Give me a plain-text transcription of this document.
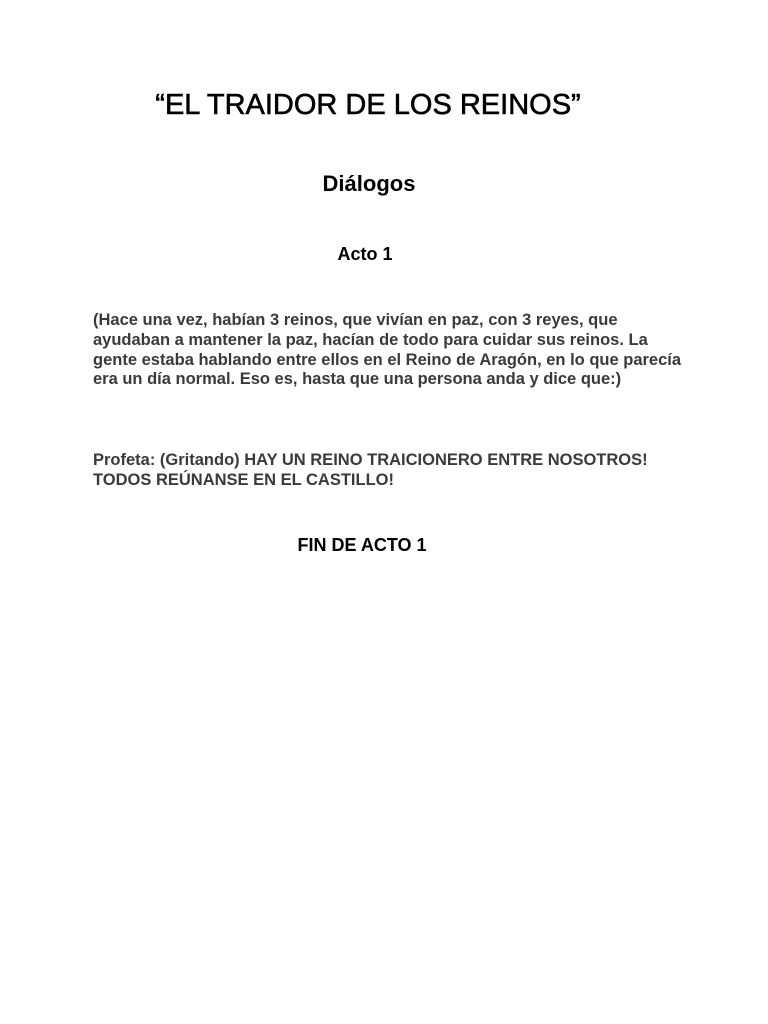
“EL TRAIDOR DE LOS REINOS”
Diálogos
Acto 1

(Hace una vez, habían 3 reinos, que vivían en paz, con 3 reyes, que ayudaban a mantener la paz, hacían de todo para cuidar sus reinos. La gente estaba hablando entre ellos en el Reino de Aragón, en lo que parecía era un día normal. Eso es, hasta que una persona anda y dice que:)

Profeta: (Gritando) HAY UN REINO TRAICIONERO ENTRE NOSOTROS! TODOS REÚNANSE EN EL CASTILLO!

FIN DE ACTO 1
